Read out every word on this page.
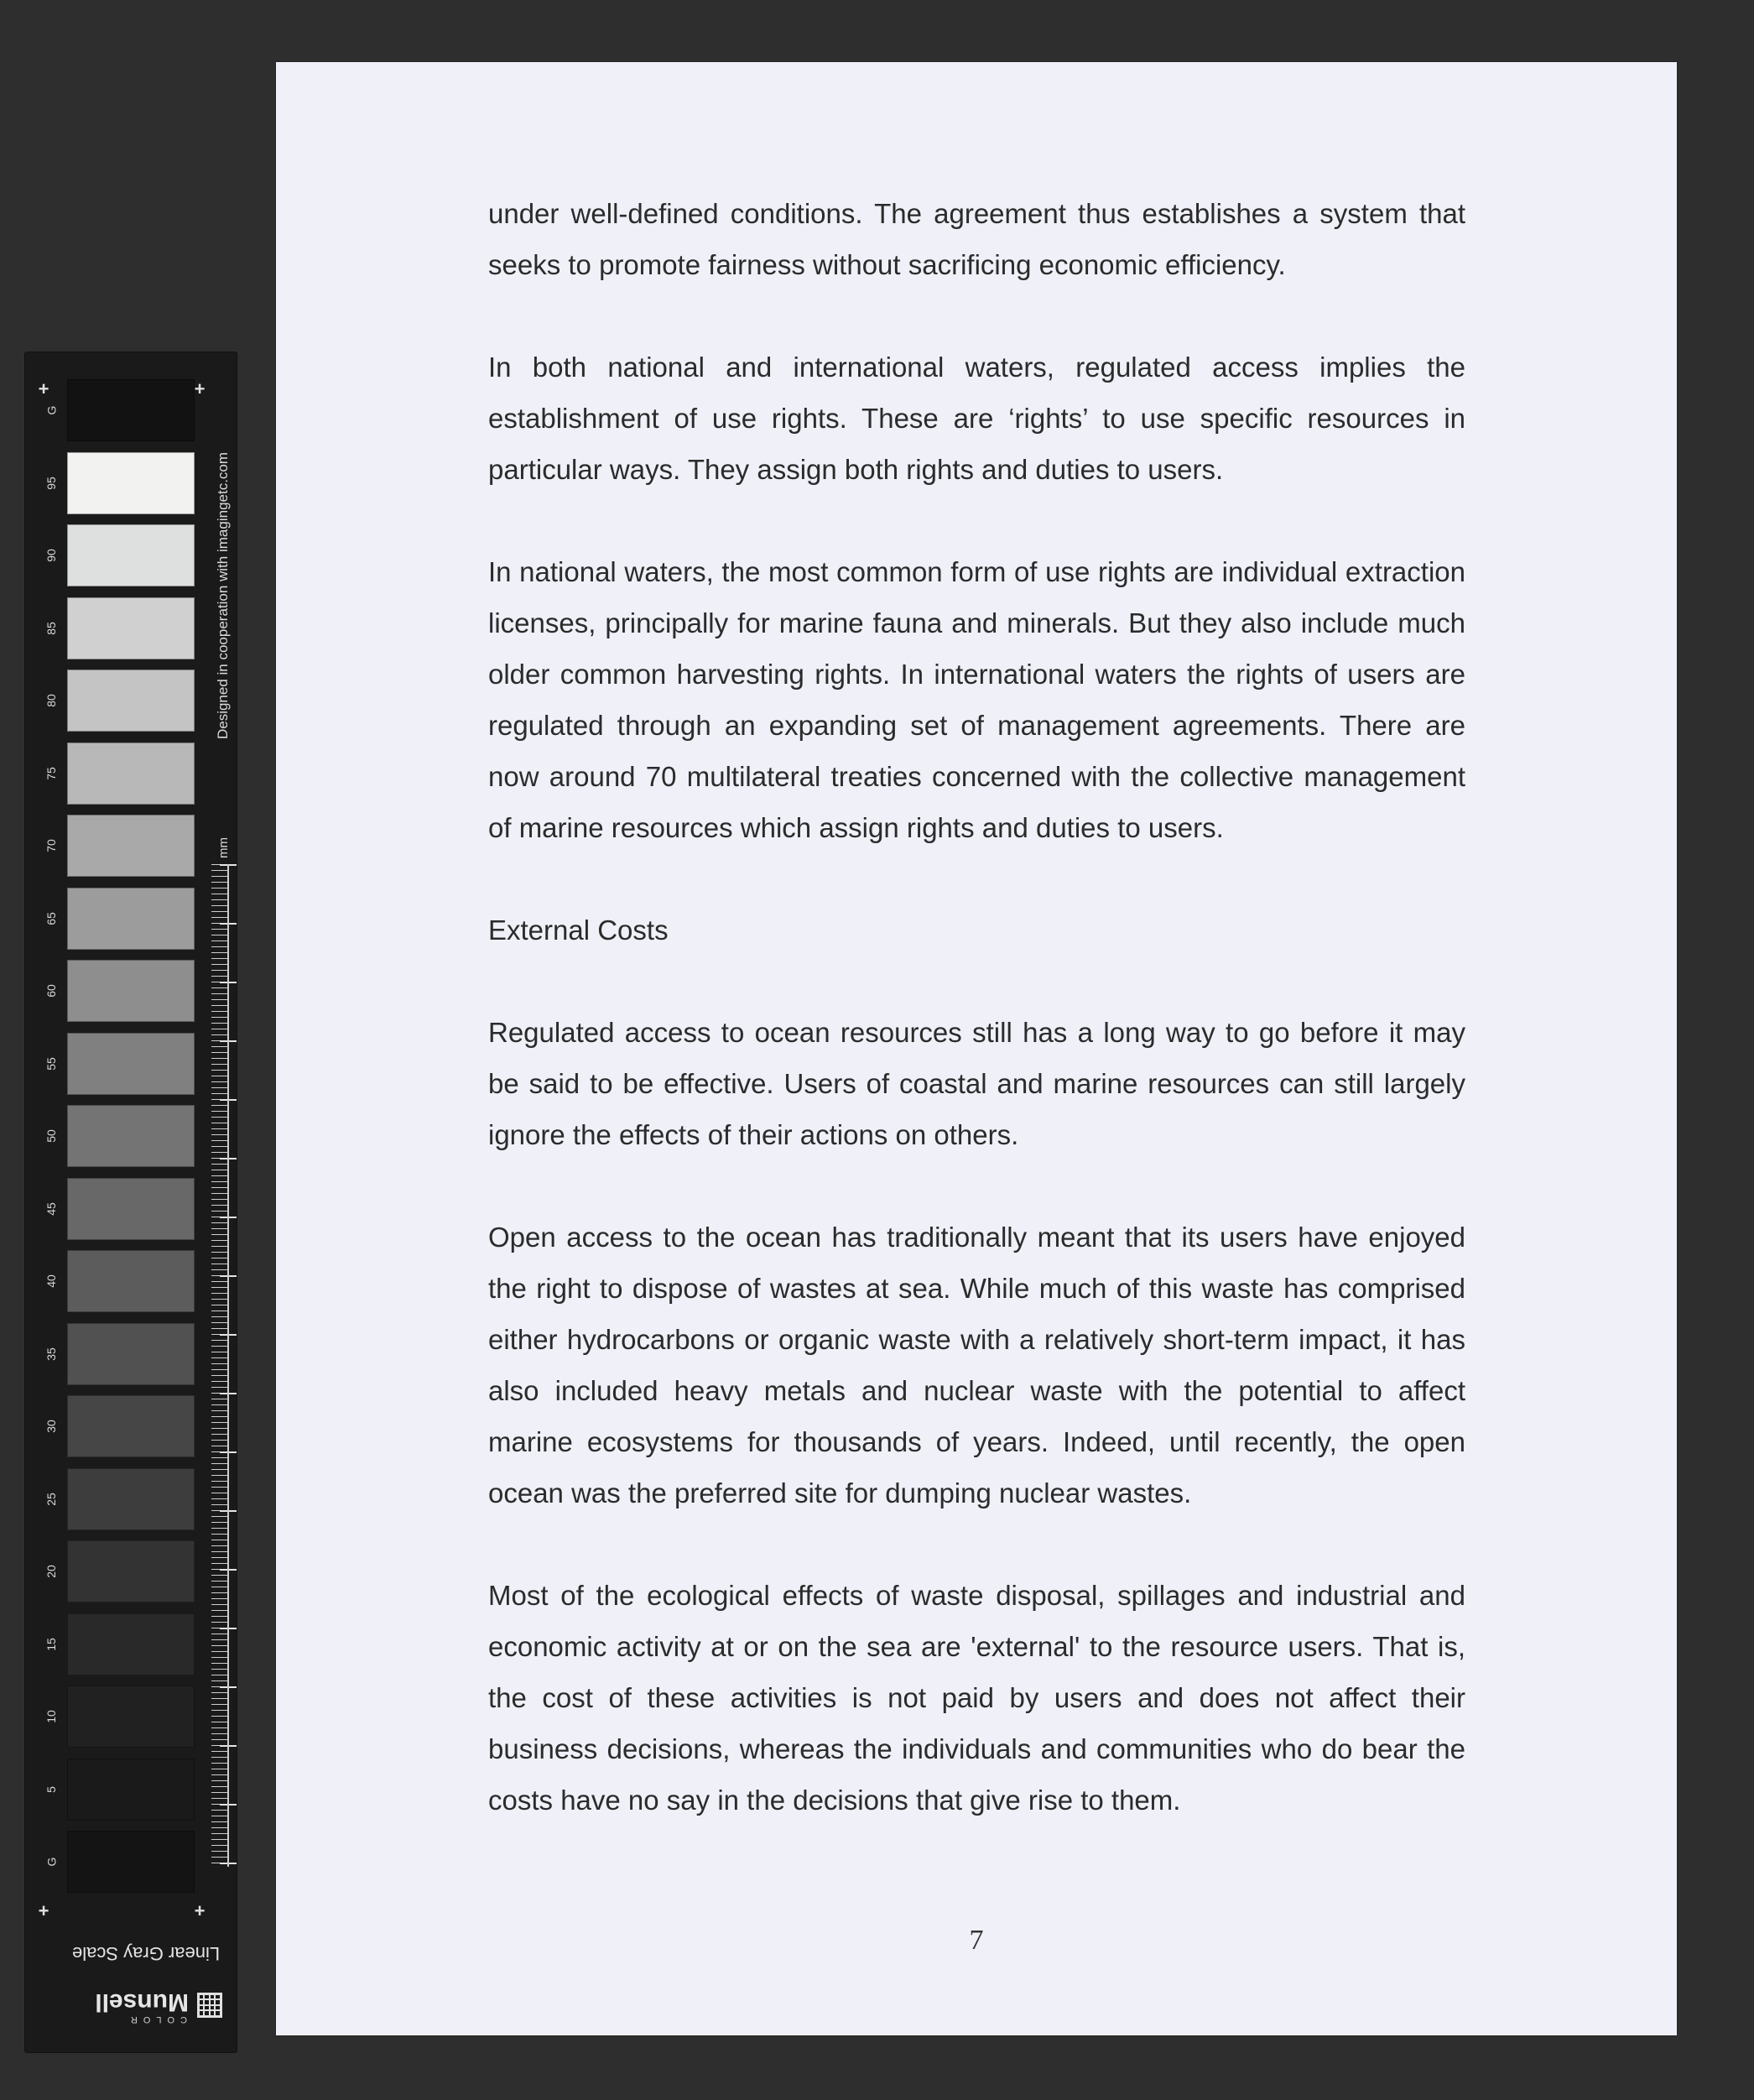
+	+
G
95
90
85
80
75
70
65
60
55
50
45
40
35
30
25
20
15
10
5
G
Designed in cooperation with imagingetc.com
mm
+	+
Linear Gray Scale
COLOR
Munsell

under well-defined conditions. The agreement thus establishes a system that seeks to promote fairness without sacrificing economic efficiency.

In both national and international waters, regulated access implies the establishment of use rights. These are ‘rights’ to use specific resources in particular ways. They assign both rights and duties to users.

In national waters, the most common form of use rights are individual extraction licenses, principally for marine fauna and minerals. But they also include much older common harvesting rights. In international waters the rights of users are regulated through an expanding set of management agreements. There are now around 70 multilateral treaties concerned with the collective management of marine resources which assign rights and duties to users.

External Costs

Regulated access to ocean resources still has a long way to go before it may be said to be effective. Users of coastal and marine resources can still largely ignore the effects of their actions on others.

Open access to the ocean has traditionally meant that its users have enjoyed the right to dispose of wastes at sea. While much of this waste has comprised either hydrocarbons or organic waste with a relatively short-term impact, it has also included heavy metals and nuclear waste with the potential to affect marine ecosystems for thousands of years. Indeed, until recently, the open ocean was the preferred site for dumping nuclear wastes.

Most of the ecological effects of waste disposal, spillages and industrial and economic activity at or on the sea are 'external' to the resource users. That is, the cost of these activities is not paid by users and does not affect their business decisions, whereas the individuals and communities who do bear the costs have no say in the decisions that give rise to them.

7
